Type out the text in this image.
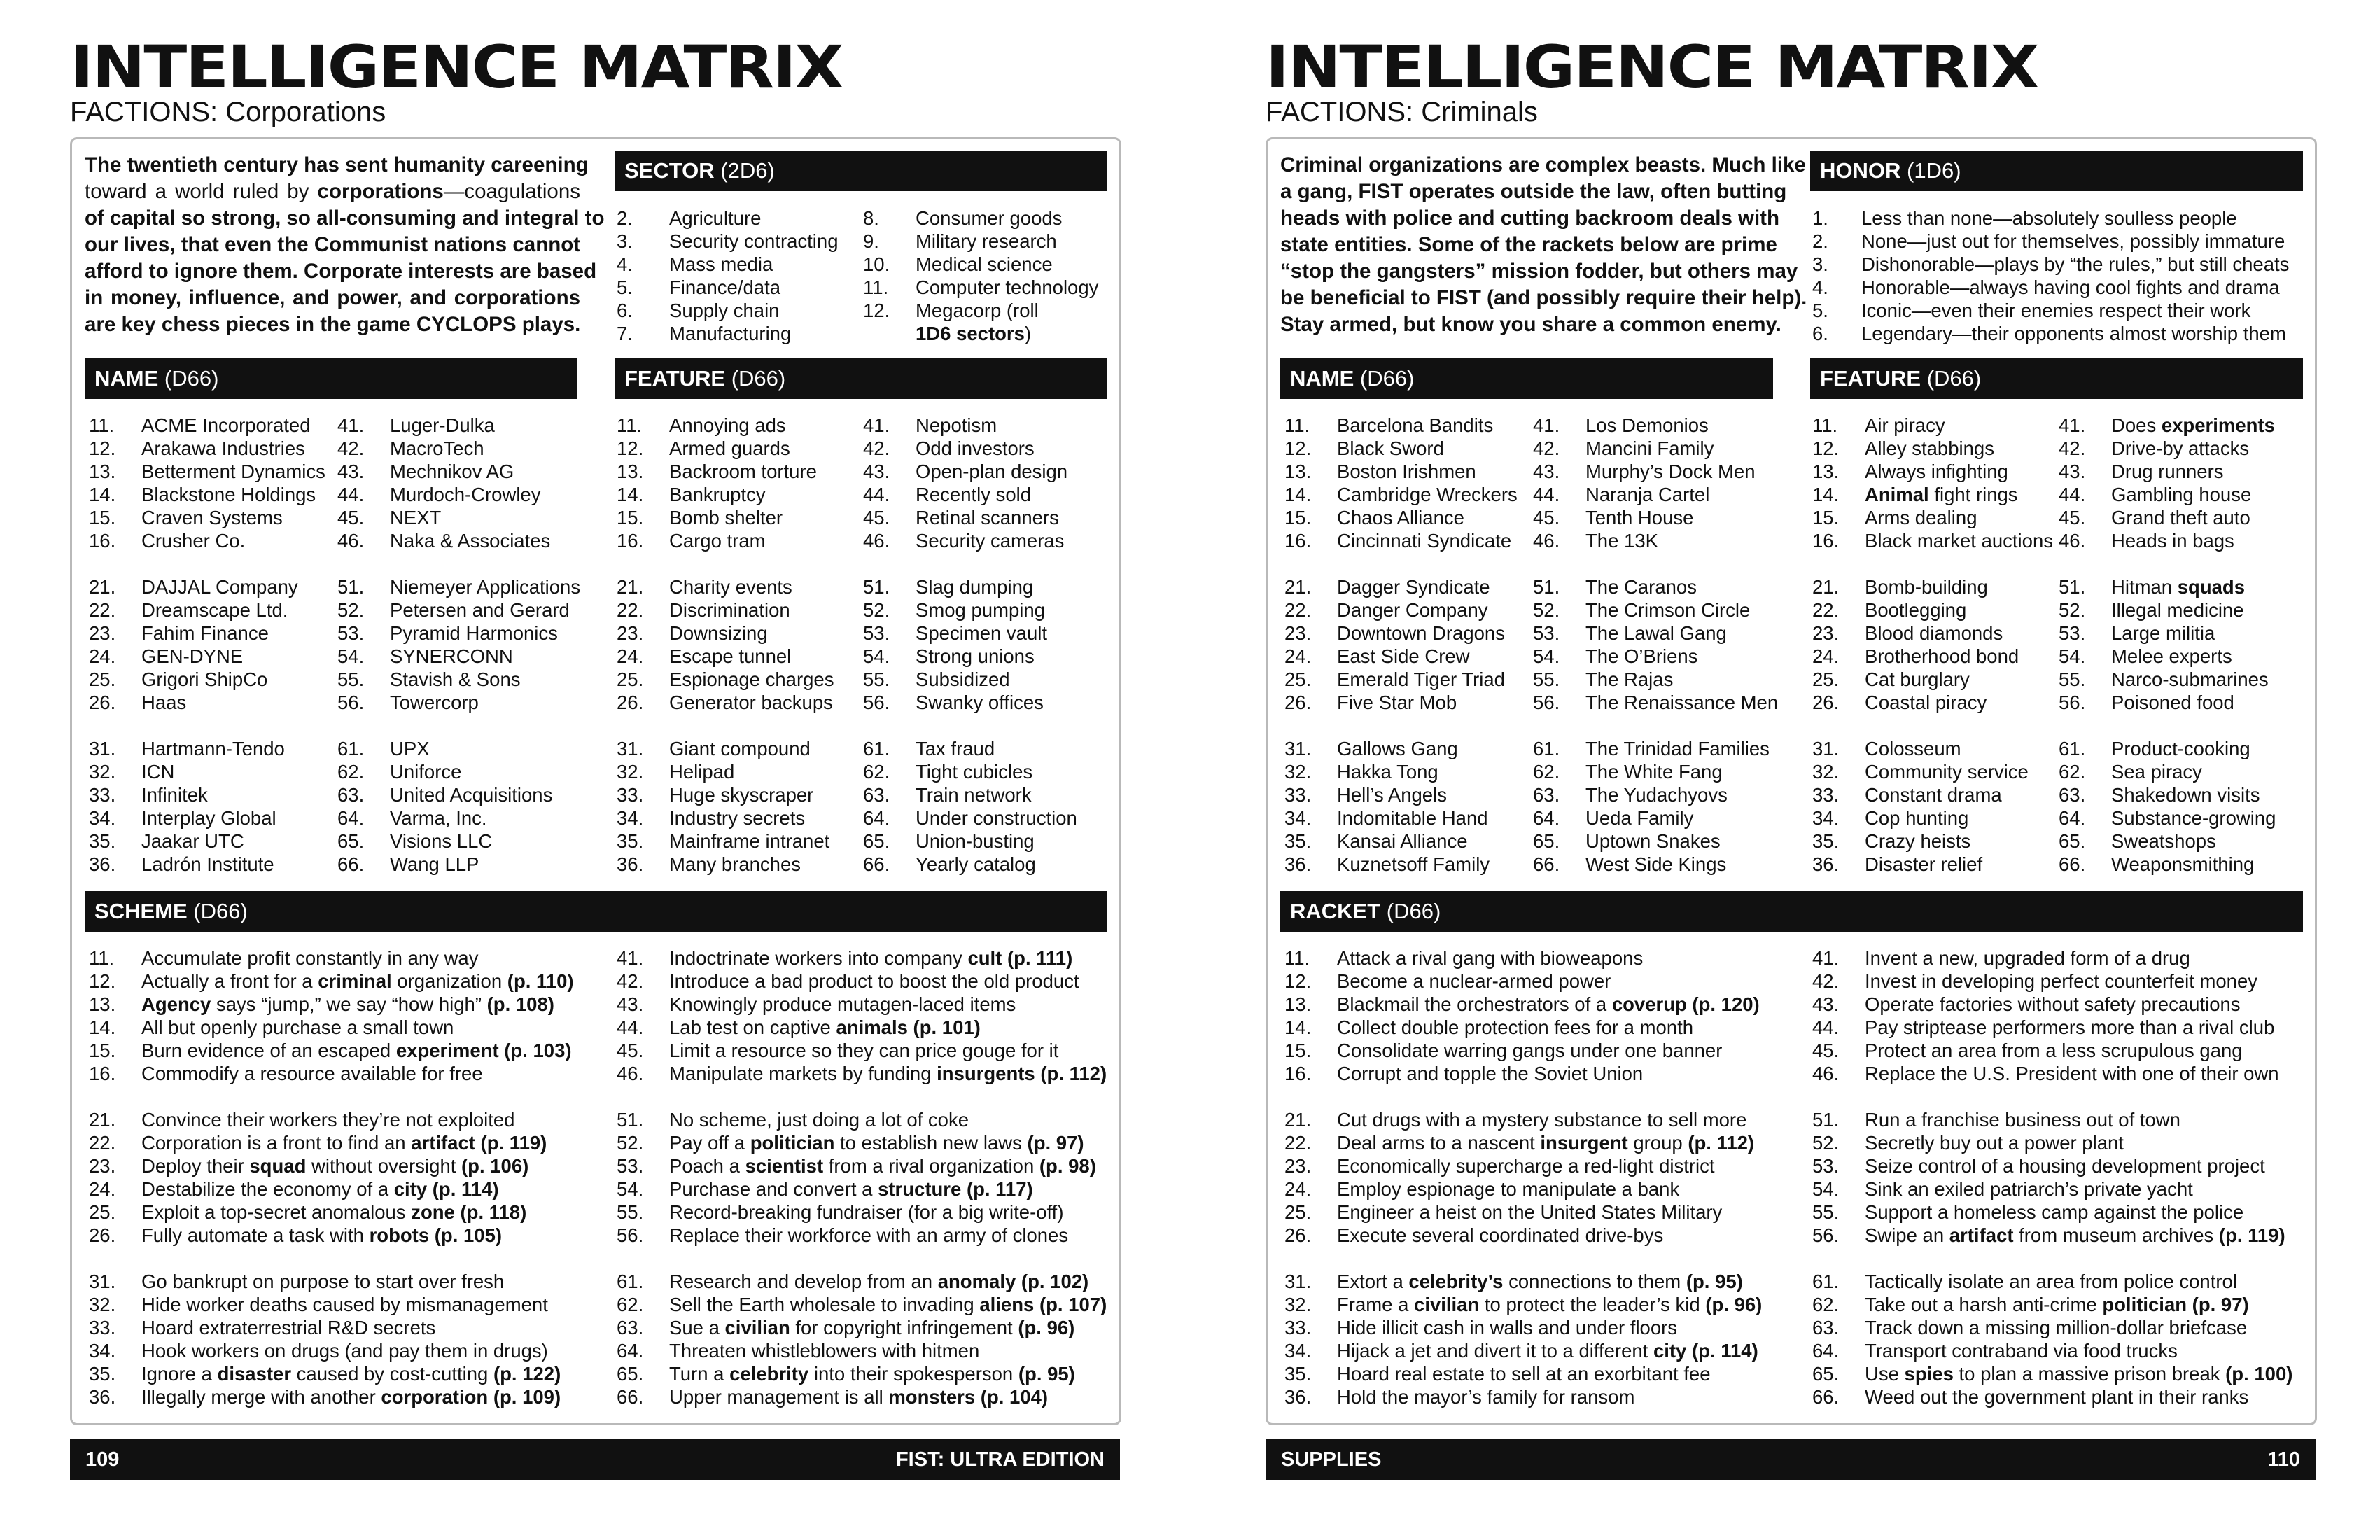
INTELLIGENCE MATRIX
FACTIONS: Corporations
The twentieth century has sent humanity careening
toward a world ruled by corporations—coagulations
of capital so strong, so all-consuming and integral to
our lives, that even the Communist nations cannot
afford to ignore them. Corporate interests are based
in money, influence, and power, and corporations
are key chess pieces in the game CYCLOPS plays.
SECTOR (2D6)
2. Agriculture
3. Security contracting
4. Mass media
5. Finance/data
6. Supply chain
7. Manufacturing
8. Consumer goods
9. Military research
10. Medical science
11. Computer technology
12. Megacorp (roll
1D6 sectors)
NAME (D66)
11. ACME Incorporated
12. Arakawa Industries
13. Betterment Dynamics
14. Blackstone Holdings
15. Craven Systems
16. Crusher Co.
21. DAJJAL Company
22. Dreamscape Ltd.
23. Fahim Finance
24. GEN-DYNE
25. Grigori ShipCo
26. Haas
31. Hartmann-Tendo
32. ICN
33. Infinitek
34. Interplay Global
35. Jaakar UTC
36. Ladrón Institute
41. Luger-Dulka
42. MacroTech
43. Mechnikov AG
44. Murdoch-Crowley
45. NEXT
46. Naka & Associates
51. Niemeyer Applications
52. Petersen and Gerard
53. Pyramid Harmonics
54. SYNERCONN
55. Stavish & Sons
56. Towercorp
61. UPX
62. Uniforce
63. United Acquisitions
64. Varma, Inc.
65. Visions LLC
66. Wang LLP
FEATURE (D66)
11. Annoying ads
12. Armed guards
13. Backroom torture
14. Bankruptcy
15. Bomb shelter
16. Cargo tram
21. Charity events
22. Discrimination
23. Downsizing
24. Escape tunnel
25. Espionage charges
26. Generator backups
31. Giant compound
32. Helipad
33. Huge skyscraper
34. Industry secrets
35. Mainframe intranet
36. Many branches
41. Nepotism
42. Odd investors
43. Open-plan design
44. Recently sold
45. Retinal scanners
46. Security cameras
51. Slag dumping
52. Smog pumping
53. Specimen vault
54. Strong unions
55. Subsidized
56. Swanky offices
61. Tax fraud
62. Tight cubicles
63. Train network
64. Under construction
65. Union-busting
66. Yearly catalog
SCHEME (D66)
11. Accumulate profit constantly in any way
12. Actually a front for a criminal organization (p. 110)
13. Agency says “jump,” we say “how high” (p. 108)
14. All but openly purchase a small town
15. Burn evidence of an escaped experiment (p. 103)
16. Commodify a resource available for free
21. Convince their workers they’re not exploited
22. Corporation is a front to find an artifact (p. 119)
23. Deploy their squad without oversight (p. 106)
24. Destabilize the economy of a city (p. 114)
25. Exploit a top-secret anomalous zone (p. 118)
26. Fully automate a task with robots (p. 105)
31. Go bankrupt on purpose to start over fresh
32. Hide worker deaths caused by mismanagement
33. Hoard extraterrestrial R&D secrets
34. Hook workers on drugs (and pay them in drugs)
35. Ignore a disaster caused by cost-cutting (p. 122)
36. Illegally merge with another corporation (p. 109)
41. Indoctrinate workers into company cult (p. 111)
42. Introduce a bad product to boost the old product
43. Knowingly produce mutagen-laced items
44. Lab test on captive animals (p. 101)
45. Limit a resource so they can price gouge for it
46. Manipulate markets by funding insurgents (p. 112)
51. No scheme, just doing a lot of coke
52. Pay off a politician to establish new laws (p. 97)
53. Poach a scientist from a rival organization (p. 98)
54. Purchase and convert a structure (p. 117)
55. Record-breaking fundraiser (for a big write-off)
56. Replace their workforce with an army of clones
61. Research and develop from an anomaly (p. 102)
62. Sell the Earth wholesale to invading aliens (p. 107)
63. Sue a civilian for copyright infringement (p. 96)
64. Threaten whistleblowers with hitmen
65. Turn a celebrity into their spokesperson (p. 95)
66. Upper management is all monsters (p. 104)
109	FIST: ULTRA EDITION
INTELLIGENCE MATRIX
FACTIONS: Criminals
Criminal organizations are complex beasts. Much like
a gang, FIST operates outside the law, often butting
heads with police and cutting backroom deals with
state entities. Some of the rackets below are prime
“stop the gangsters” mission fodder, but others may
be beneficial to FIST (and possibly require their help).
Stay armed, but know you share a common enemy.
HONOR (1D6)
1. Less than none—absolutely soulless people
2. None—just out for themselves, possibly immature
3. Dishonorable—plays by “the rules,” but still cheats
4. Honorable—always having cool fights and drama
5. Iconic—even their enemies respect their work
6. Legendary—their opponents almost worship them
NAME (D66)
11. Barcelona Bandits
12. Black Sword
13. Boston Irishmen
14. Cambridge Wreckers
15. Chaos Alliance
16. Cincinnati Syndicate
21. Dagger Syndicate
22. Danger Company
23. Downtown Dragons
24. East Side Crew
25. Emerald Tiger Triad
26. Five Star Mob
31. Gallows Gang
32. Hakka Tong
33. Hell’s Angels
34. Indomitable Hand
35. Kansai Alliance
36. Kuznetsoff Family
41. Los Demonios
42. Mancini Family
43. Murphy’s Dock Men
44. Naranja Cartel
45. Tenth House
46. The 13K
51. The Caranos
52. The Crimson Circle
53. The Lawal Gang
54. The O’Briens
55. The Rajas
56. The Renaissance Men
61. The Trinidad Families
62. The White Fang
63. The Yudachyovs
64. Ueda Family
65. Uptown Snakes
66. West Side Kings
FEATURE (D66)
11. Air piracy
12. Alley stabbings
13. Always infighting
14. Animal fight rings
15. Arms dealing
16. Black market auctions
21. Bomb-building
22. Bootlegging
23. Blood diamonds
24. Brotherhood bond
25. Cat burglary
26. Coastal piracy
31. Colosseum
32. Community service
33. Constant drama
34. Cop hunting
35. Crazy heists
36. Disaster relief
41. Does experiments
42. Drive-by attacks
43. Drug runners
44. Gambling house
45. Grand theft auto
46. Heads in bags
51. Hitman squads
52. Illegal medicine
53. Large militia
54. Melee experts
55. Narco-submarines
56. Poisoned food
61. Product-cooking
62. Sea piracy
63. Shakedown visits
64. Substance-growing
65. Sweatshops
66. Weaponsmithing
RACKET (D66)
11. Attack a rival gang with bioweapons
12. Become a nuclear-armed power
13. Blackmail the orchestrators of a coverup (p. 120)
14. Collect double protection fees for a month
15. Consolidate warring gangs under one banner
16. Corrupt and topple the Soviet Union
21. Cut drugs with a mystery substance to sell more
22. Deal arms to a nascent insurgent group (p. 112)
23. Economically supercharge a red-light district
24. Employ espionage to manipulate a bank
25. Engineer a heist on the United States Military
26. Execute several coordinated drive-bys
31. Extort a celebrity’s connections to them (p. 95)
32. Frame a civilian to protect the leader’s kid (p. 96)
33. Hide illicit cash in walls and under floors
34. Hijack a jet and divert it to a different city (p. 114)
35. Hoard real estate to sell at an exorbitant fee
36. Hold the mayor’s family for ransom
41. Invent a new, upgraded form of a drug
42. Invest in developing perfect counterfeit money
43. Operate factories without safety precautions
44. Pay striptease performers more than a rival club
45. Protect an area from a less scrupulous gang
46. Replace the U.S. President with one of their own
51. Run a franchise business out of town
52. Secretly buy out a power plant
53. Seize control of a housing development project
54. Sink an exiled patriarch’s private yacht
55. Support a homeless camp against the police
56. Swipe an artifact from museum archives (p. 119)
61. Tactically isolate an area from police control
62. Take out a harsh anti-crime politician (p. 97)
63. Track down a missing million-dollar briefcase
64. Transport contraband via food trucks
65. Use spies to plan a massive prison break (p. 100)
66. Weed out the government plant in their ranks
SUPPLIES	110
